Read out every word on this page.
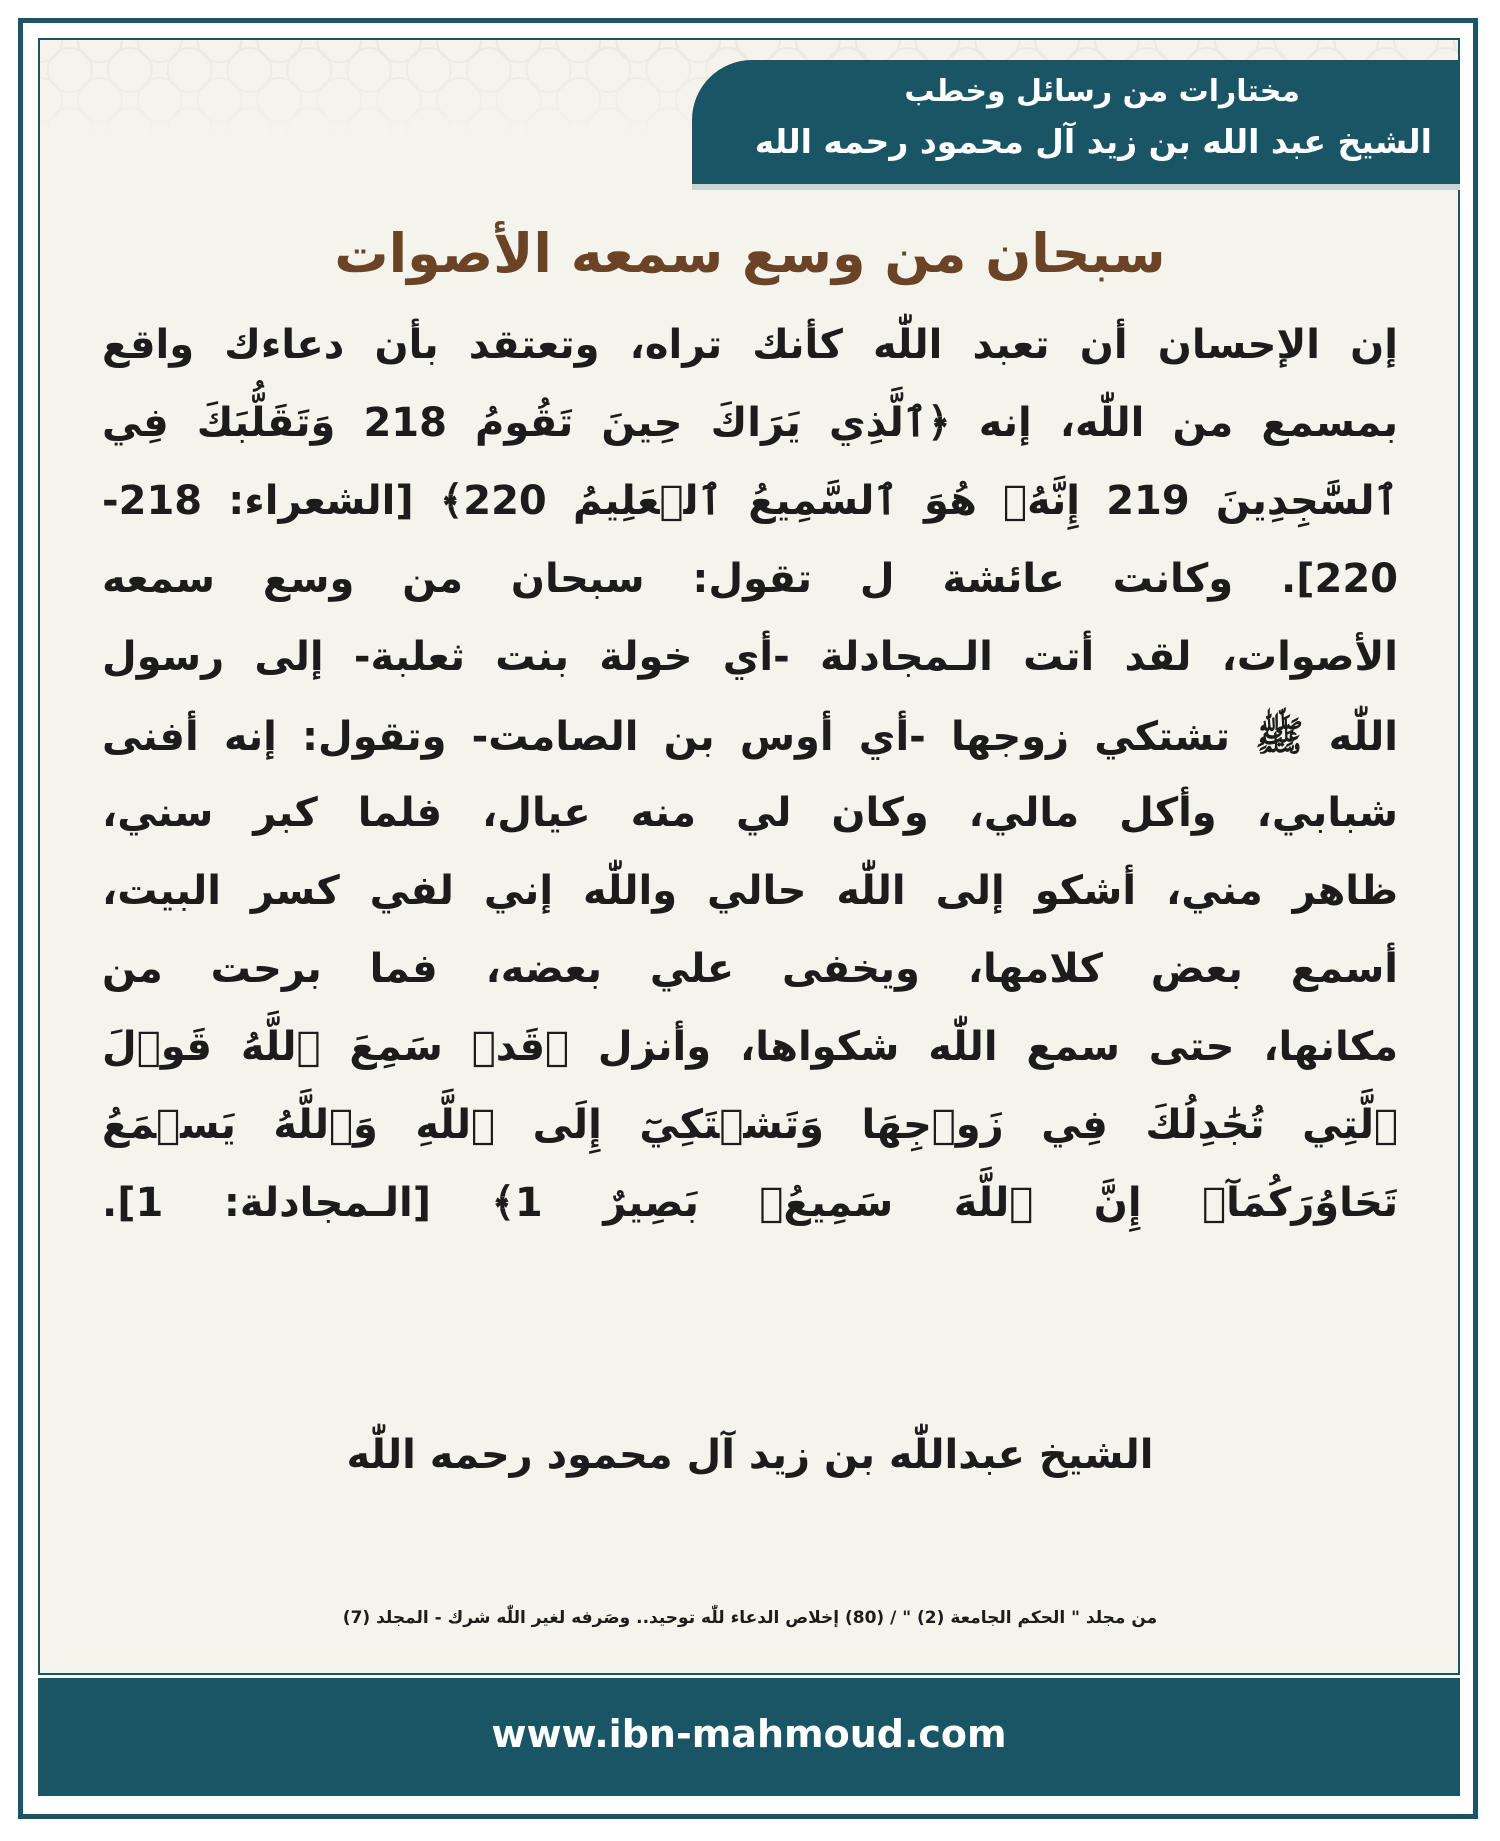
مختارات من رسائل وخطب
الشيخ عبد الله بن زيد آل محمود رحمه الله
سبحان من وسع سمعه الأصوات
إن الإحسان أن تعبد اللّٰه كأنك تراه، وتعتقد بأن دعاءك واقع
بمسمع من اللّٰه، إنه ﴿ٱلَّذِي يَرَاكَ حِينَ تَقُومُ 218 وَتَقَلُّبَكَ فِي
ٱلسَّٰجِدِينَ 219 إِنَّهُۥ هُوَ ٱلسَّمِيعُ ٱلۡعَلِيمُ 220﴾ [الشعراء: 218-
220]. وكانت عائشة ل تقول: سبحان من وسع سمعه
الأصوات، لقد أتت الـمجادلة -أي خولة بنت ثعلبة- إلى رسول
اللّٰه ﷺ تشتكي زوجها -أي أوس بن الصامت- وتقول: إنه أفنى
شبابي، وأكل مالي، وكان لي منه عيال، فلما كبر سني،
ظاهر مني، أشكو إلى اللّٰه حالي واللّٰه إني لفي كسر البيت،
أسمع بعض كلامها، ويخفى علي بعضه، فما برحت من
مكانها، حتى سمع اللّٰه شكواها، وأنزل ﴿قَدۡ سَمِعَ ٱللَّهُ قَوۡلَ
ٱلَّتِي تُجَٰدِلُكَ فِي زَوۡجِهَا وَتَشۡتَكِيٓ إِلَى ٱللَّهِ وَٱللَّهُ يَسۡمَعُ
تَحَاوُرَكُمَآۚ إِنَّ ٱللَّهَ سَمِيعُۢ بَصِيرٌ 1﴾ [الـمجادلة: 1].
الشيخ عبداللّٰه بن زيد آل محمود رحمه اللّٰه
من مجلد " الحكم الجامعة (2) " / (80) إخلاص الدعاء للّٰه توحيد.. وصَرفه لغير اللّٰه شرك - المجلد (7)
www.ibn-mahmoud.com
